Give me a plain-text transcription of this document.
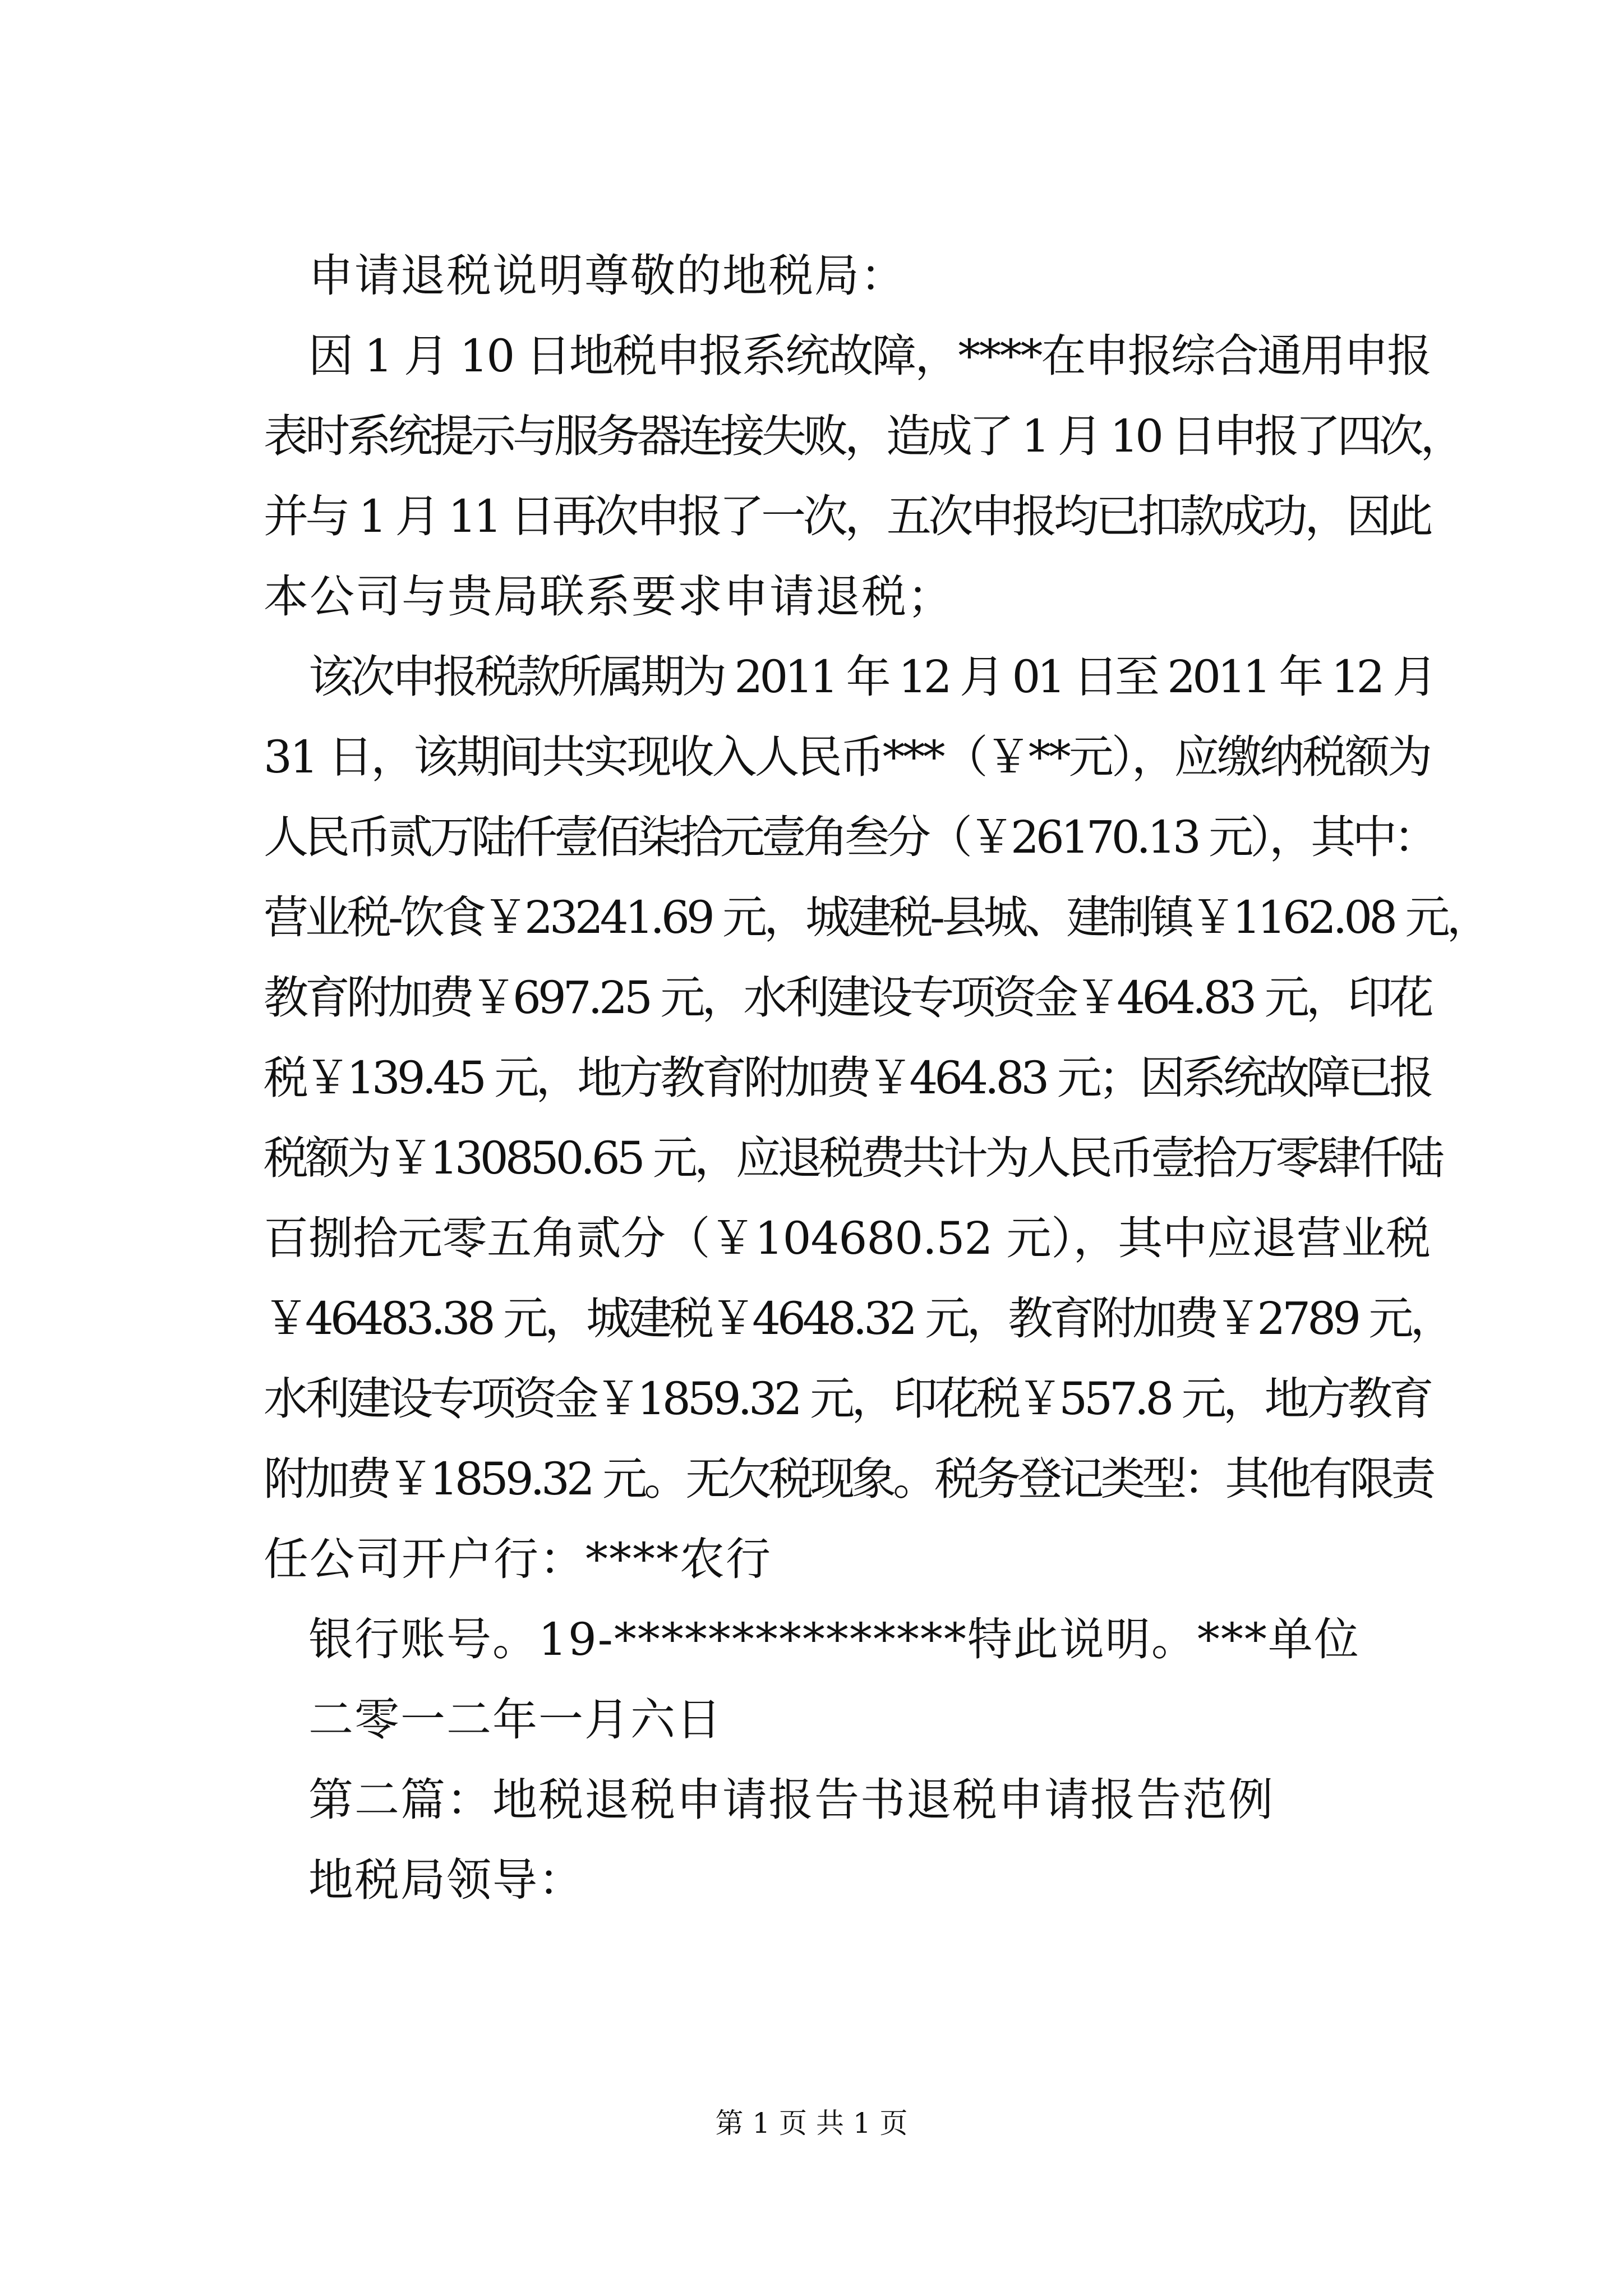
申请退税说明尊敬的地税局：
因 1 月 10 日地税申报系统故障，****在申报综合通用申报
表时系统提示与服务器连接失败，造成了 1 月 10 日申报了四次，
并与 1 月 11 日再次申报了一次，五次申报均已扣款成功，因此
本公司与贵局联系要求申请退税；
该次申报税款所属期为 2011 年 12 月 01 日至 2011 年 12 月
31 日，该期间共实现收入人民币***（￥**元），应缴纳税额为
人民币贰万陆仟壹佰柒拾元壹角叁分（￥26170.13 元），其中：
营业税-饮食￥23241.69 元，城建税-县城、建制镇￥1162.08 元，
教育附加费￥697.25 元，水利建设专项资金￥464.83 元，印花
税￥139.45 元，地方教育附加费￥464.83 元；因系统故障已报
税额为￥130850.65 元，应退税费共计为人民币壹拾万零肆仟陆
百捌拾元零五角贰分（￥104680.52 元），其中应退营业税
￥46483.38 元，城建税￥4648.32 元，教育附加费￥2789 元，
水利建设专项资金￥1859.32 元，印花税￥557.8 元，地方教育
附加费￥1859.32 元。无欠税现象。税务登记类型：其他有限责
任公司开户行：****农行
银行账号。19-***************特此说明。***单位
二零一二年一月六日
第二篇：地税退税申请报告书退税申请报告范例
地税局领导：
第 1 页 共 1 页
